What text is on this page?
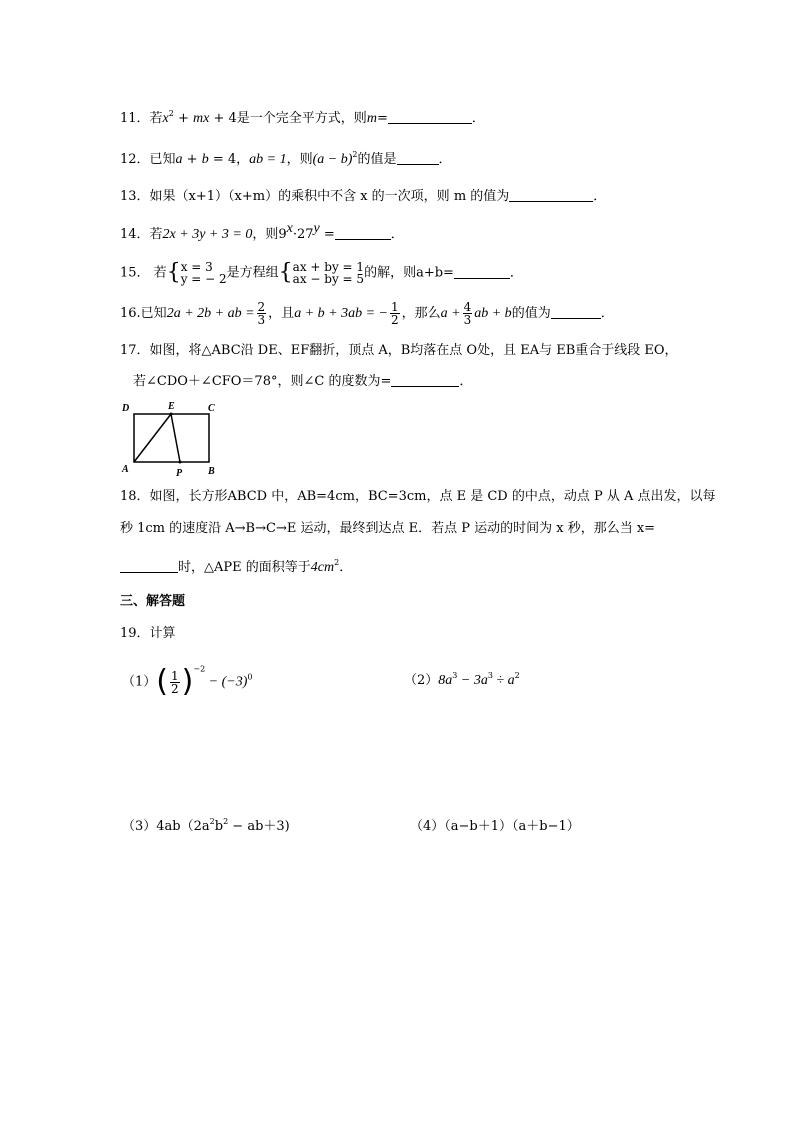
11．若$x^2$ + mx + 4是一个完全平方式，则m=	．
12．已知a + b = 4，ab = 1，则$(a - b)^2$的值是	．
13．如果（x+1）（x+m）的乘积中不含 x 的一次项，则 m 的值为	．
14．若2x + 3y + 3 = 0，则$9^x\cdot 27^y$ =	．
15． 若{ x = 3
y = − 2 是方程组{ ax + by = 1
ax − by = 5 的解，则a+b=	．
16.已知2a + 2b + ab = $\frac{2}{3}$ ，且a + b + 3ab = − $\frac{1}{2}$ ，那么$a + \frac{4}{3}$ ab + b的值为	．
17．如图，将△ABC沿 DE、EF翻折，顶点 A，B均落在点 O处，且 EA与 EB重合于线段 EO，
若∠CDO＋∠CFO＝78°，则∠C 的度数为=	．
D	E	C
A	P	B
18．如图，长方形ABCD 中，AB=4cm，BC=3cm，点 E 是 CD 的中点，动点 P 从 A 点出发，以每
秒 1cm 的速度沿 A→B→C→E 运动，最终到达点 E．若点 P 运动的时间为 x 秒，那么当 x=
时，△APE 的面积等于$4cm^2$．
三、解答题
19．计算
$(1)( \frac{1}{2} )^{-2} - (-3)^0$	$(2)8a^3 - 3a^3 \div a^2$
$(3)4ab(2a^2b^2 - ab+3)$	（4）（a−b＋1）（a＋b−1）
